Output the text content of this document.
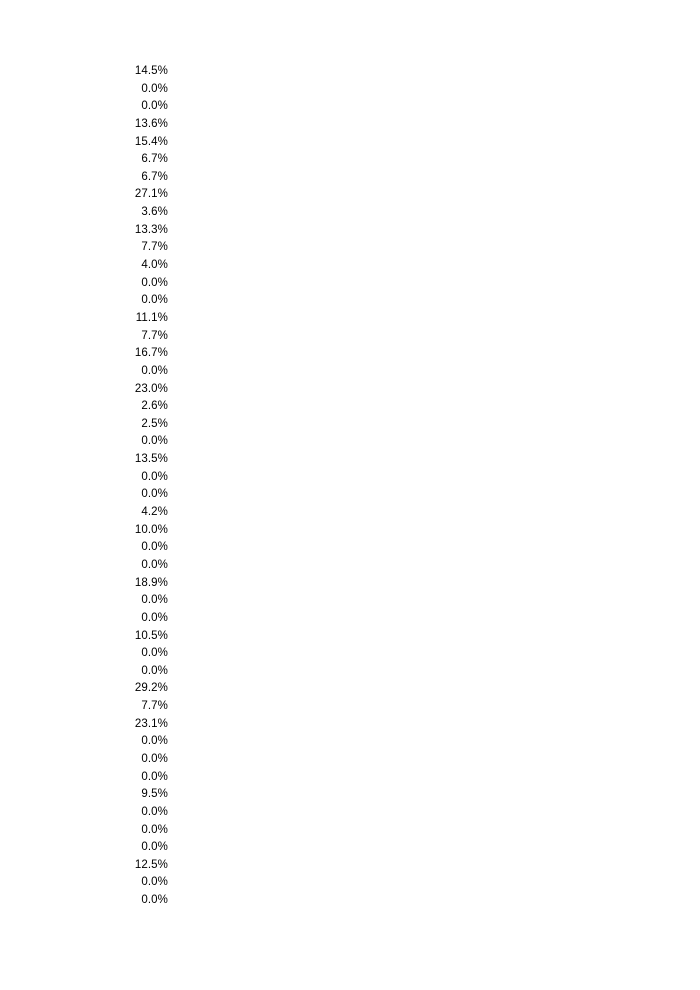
14.5%
0.0%
0.0%
13.6%
15.4%
6.7%
6.7%
27.1%
3.6%
13.3%
7.7%
4.0%
0.0%
0.0%
11.1%
7.7%
16.7%
0.0%
23.0%
2.6%
2.5%
0.0%
13.5%
0.0%
0.0%
4.2%
10.0%
0.0%
0.0%
18.9%
0.0%
0.0%
10.5%
0.0%
0.0%
29.2%
7.7%
23.1%
0.0%
0.0%
0.0%
9.5%
0.0%
0.0%
0.0%
12.5%
0.0%
0.0%
